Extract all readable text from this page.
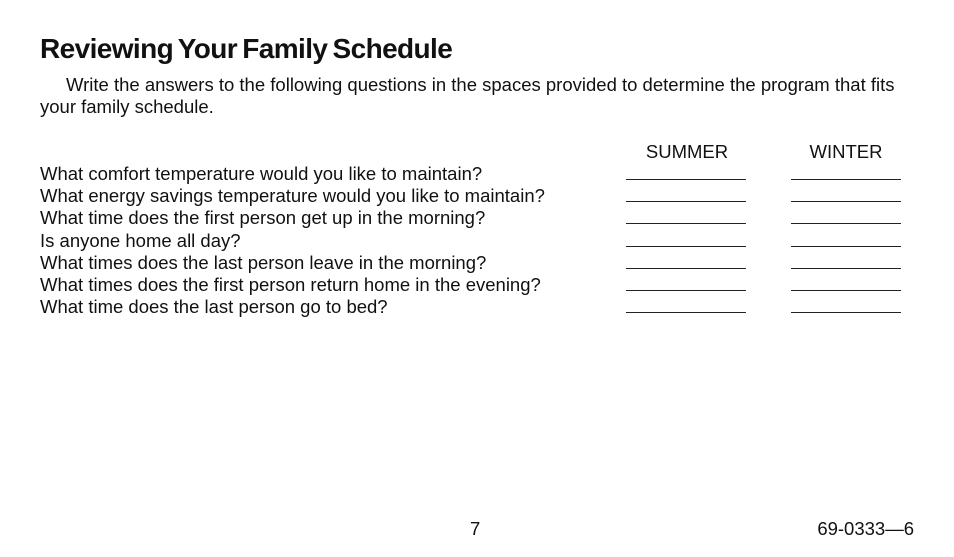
Reviewing Your Family Schedule

Write the answers to the following questions in the spaces provided to determine the program that fits your family schedule.

SUMMER	WINTER
What comfort temperature would you like to maintain?
What energy savings temperature would you like to maintain?
What time does the first person get up in the morning?
Is anyone home all day?
What times does the last person leave in the morning?
What times does the first person return home in the evening?
What time does the last person go to bed?
7	69-0333—6
